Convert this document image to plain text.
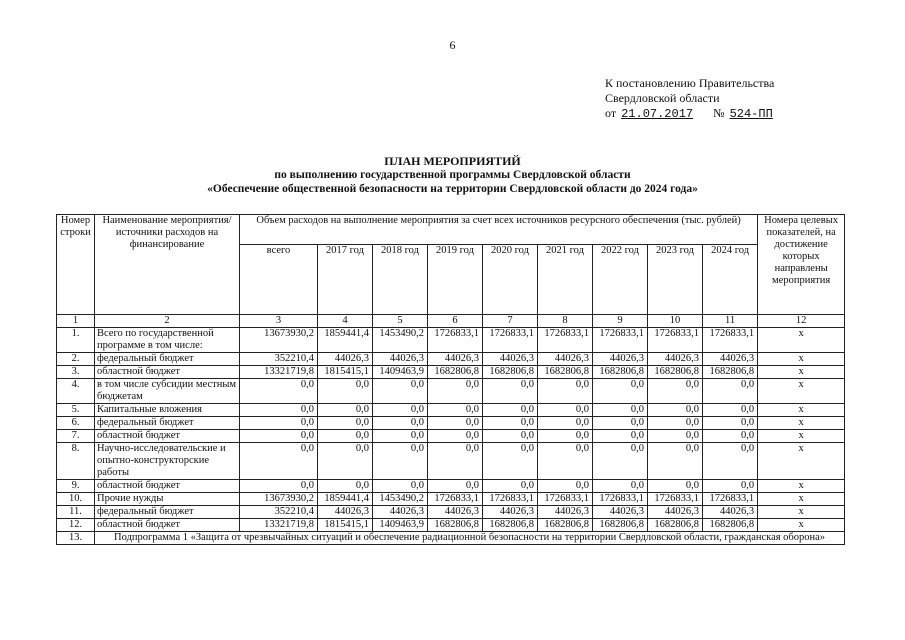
6
К постановлению Правительства
Свердловской области
от 21.07.2017 № 524-ПП
ПЛАН МЕРОПРИЯТИЙ
по выполнению государственной программы Свердловской области
«Обеспечение общественной безопасности на территории Свердловской области до 2024 года»
Номер строки	Наименование мероприятия/ источники расходов на финансирование	Объем расходов на выполнение мероприятия за счет всех источников ресурсного обеспечения (тыс. рублей)									Номера целевых показателей, на достижение которых направлены мероприятия
		всего	2017 год	2018 год	2019 год	2020 год	2021 год	2022 год	2023 год	2024 год	
1	2	3	4	5	6	7	8	9	10	11	12
1.	Всего по государственной программе в том числе:	13673930,2	1859441,4	1453490,2	1726833,1	1726833,1	1726833,1	1726833,1	1726833,1	1726833,1	х
2.	федеральный бюджет	352210,4	44026,3	44026,3	44026,3	44026,3	44026,3	44026,3	44026,3	44026,3	х
3.	областной бюджет	13321719,8	1815415,1	1409463,9	1682806,8	1682806,8	1682806,8	1682806,8	1682806,8	1682806,8	х
4.	в том числе субсидии местным бюджетам	0,0	0,0	0,0	0,0	0,0	0,0	0,0	0,0	0,0	х
5.	Капитальные вложения	0,0	0,0	0,0	0,0	0,0	0,0	0,0	0,0	0,0	х
6.	федеральный бюджет	0,0	0,0	0,0	0,0	0,0	0,0	0,0	0,0	0,0	х
7.	областной бюджет	0,0	0,0	0,0	0,0	0,0	0,0	0,0	0,0	0,0	х
8.	Научно-исследовательские и опытно-конструкторские работы	0,0	0,0	0,0	0,0	0,0	0,0	0,0	0,0	0,0	х
9.	областной бюджет	0,0	0,0	0,0	0,0	0,0	0,0	0,0	0,0	0,0	х
10.	Прочие нужды	13673930,2	1859441,4	1453490,2	1726833,1	1726833,1	1726833,1	1726833,1	1726833,1	1726833,1	х
11.	федеральный бюджет	352210,4	44026,3	44026,3	44026,3	44026,3	44026,3	44026,3	44026,3	44026,3	х
12.	областной бюджет	13321719,8	1815415,1	1409463,9	1682806,8	1682806,8	1682806,8	1682806,8	1682806,8	1682806,8	х
13.	Подпрограмма 1 «Защита от чрезвычайных ситуаций и обеспечение радиационной безопасности на территории Свердловской области, гражданская оборона»										
